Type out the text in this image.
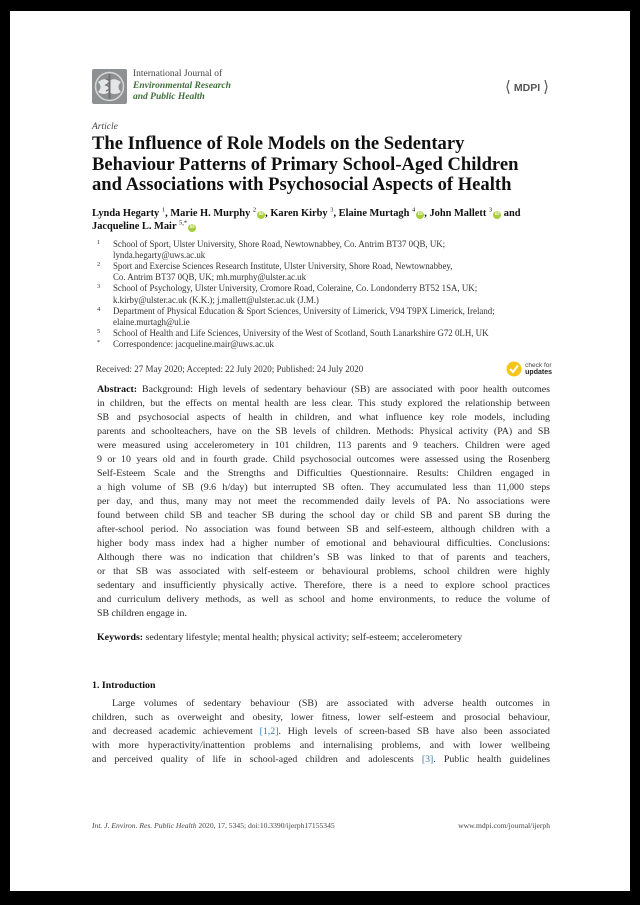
International Journal of
Environmental Research
and Public Health
MDPI
Article
The Influence of Role Models on the Sedentary
Behaviour Patterns of Primary School-Aged Children
and Associations with Psychosocial Aspects of Health
Lynda Hegarty $^1$, Marie H. Murphy $^2$iD , Karen Kirby $^3$, Elaine Murtagh $^4$iD , John Mallett $^3$iD and
Jacqueline L. Mair $^{5,*}$iD
1 School of Sport, Ulster University, Shore Road, Newtownabbey, Co. Antrim BT37 0QB, UK;
lynda.hegarty@uws.ac.uk
2 Sport and Exercise Sciences Research Institute, Ulster University, Shore Road, Newtownabbey,
Co. Antrim BT37 0QB, UK; mh.murphy@ulster.ac.uk
3 School of Psychology, Ulster University, Cromore Road, Coleraine, Co. Londonderry BT52 1SA, UK;
k.kirby@ulster.ac.uk (K.K.); j.mallett@ulster.ac.uk (J.M.)
4 Department of Physical Education & Sport Sciences, University of Limerick, V94 T9PX Limerick, Ireland;
elaine.murtagh@ul.ie
5 School of Health and Life Sciences, University of the West of Scotland, South Lanarkshire G72 0LH, UK
* Correspondence: jacqueline.mair@uws.ac.uk
Received: 27 May 2020; Accepted: 22 July 2020; Published: 24 July 2020	check for
updates
Abstract: Background: High levels of sedentary behaviour (SB) are associated with poor health outcomes
in children, but the effects on mental health are less clear. This study explored the relationship between
SB and psychosocial aspects of health in children, and what influence key role models, including
parents and schoolteachers, have on the SB levels of children. Methods: Physical activity (PA) and SB
were measured using accelerometery in 101 children, 113 parents and 9 teachers. Children were aged
9 or 10 years old and in fourth grade. Child psychosocial outcomes were assessed using the Rosenberg
Self-Esteem Scale and the Strengths and Difficulties Questionnaire. Results: Children engaged in
a high volume of SB (9.6 h/day) but interrupted SB often. They accumulated less than 11,000 steps
per day, and thus, many may not meet the recommended daily levels of PA. No associations were
found between child SB and teacher SB during the school day or child SB and parent SB during the
after-school period. No association was found between SB and self-esteem, although children with a
higher body mass index had a higher number of emotional and behavioural difficulties. Conclusions:
Although there was no indication that children’s SB was linked to that of parents and teachers,
or that SB was associated with self-esteem or behavioural problems, school children were highly
sedentary and insufficiently physically active. Therefore, there is a need to explore school practices
and curriculum delivery methods, as well as school and home environments, to reduce the volume of
SB children engage in.
Keywords: sedentary lifestyle; mental health; physical activity; self-esteem; accelerometery
1. Introduction
Large volumes of sedentary behaviour (SB) are associated with adverse health outcomes in
children, such as overweight and obesity, lower fitness, lower self-esteem and prosocial behaviour,
and decreased academic achievement [1,2]. High levels of screen-based SB have also been associated
with more hyperactivity/inattention problems and internalising problems, and with lower wellbeing
and perceived quality of life in school-aged children and adolescents [3]. Public health guidelines
Int. J. Environ. Res. Public Health 2020, 17, 5345; doi:10.3390/ijerph17155345	www.mdpi.com/journal/ijerph
